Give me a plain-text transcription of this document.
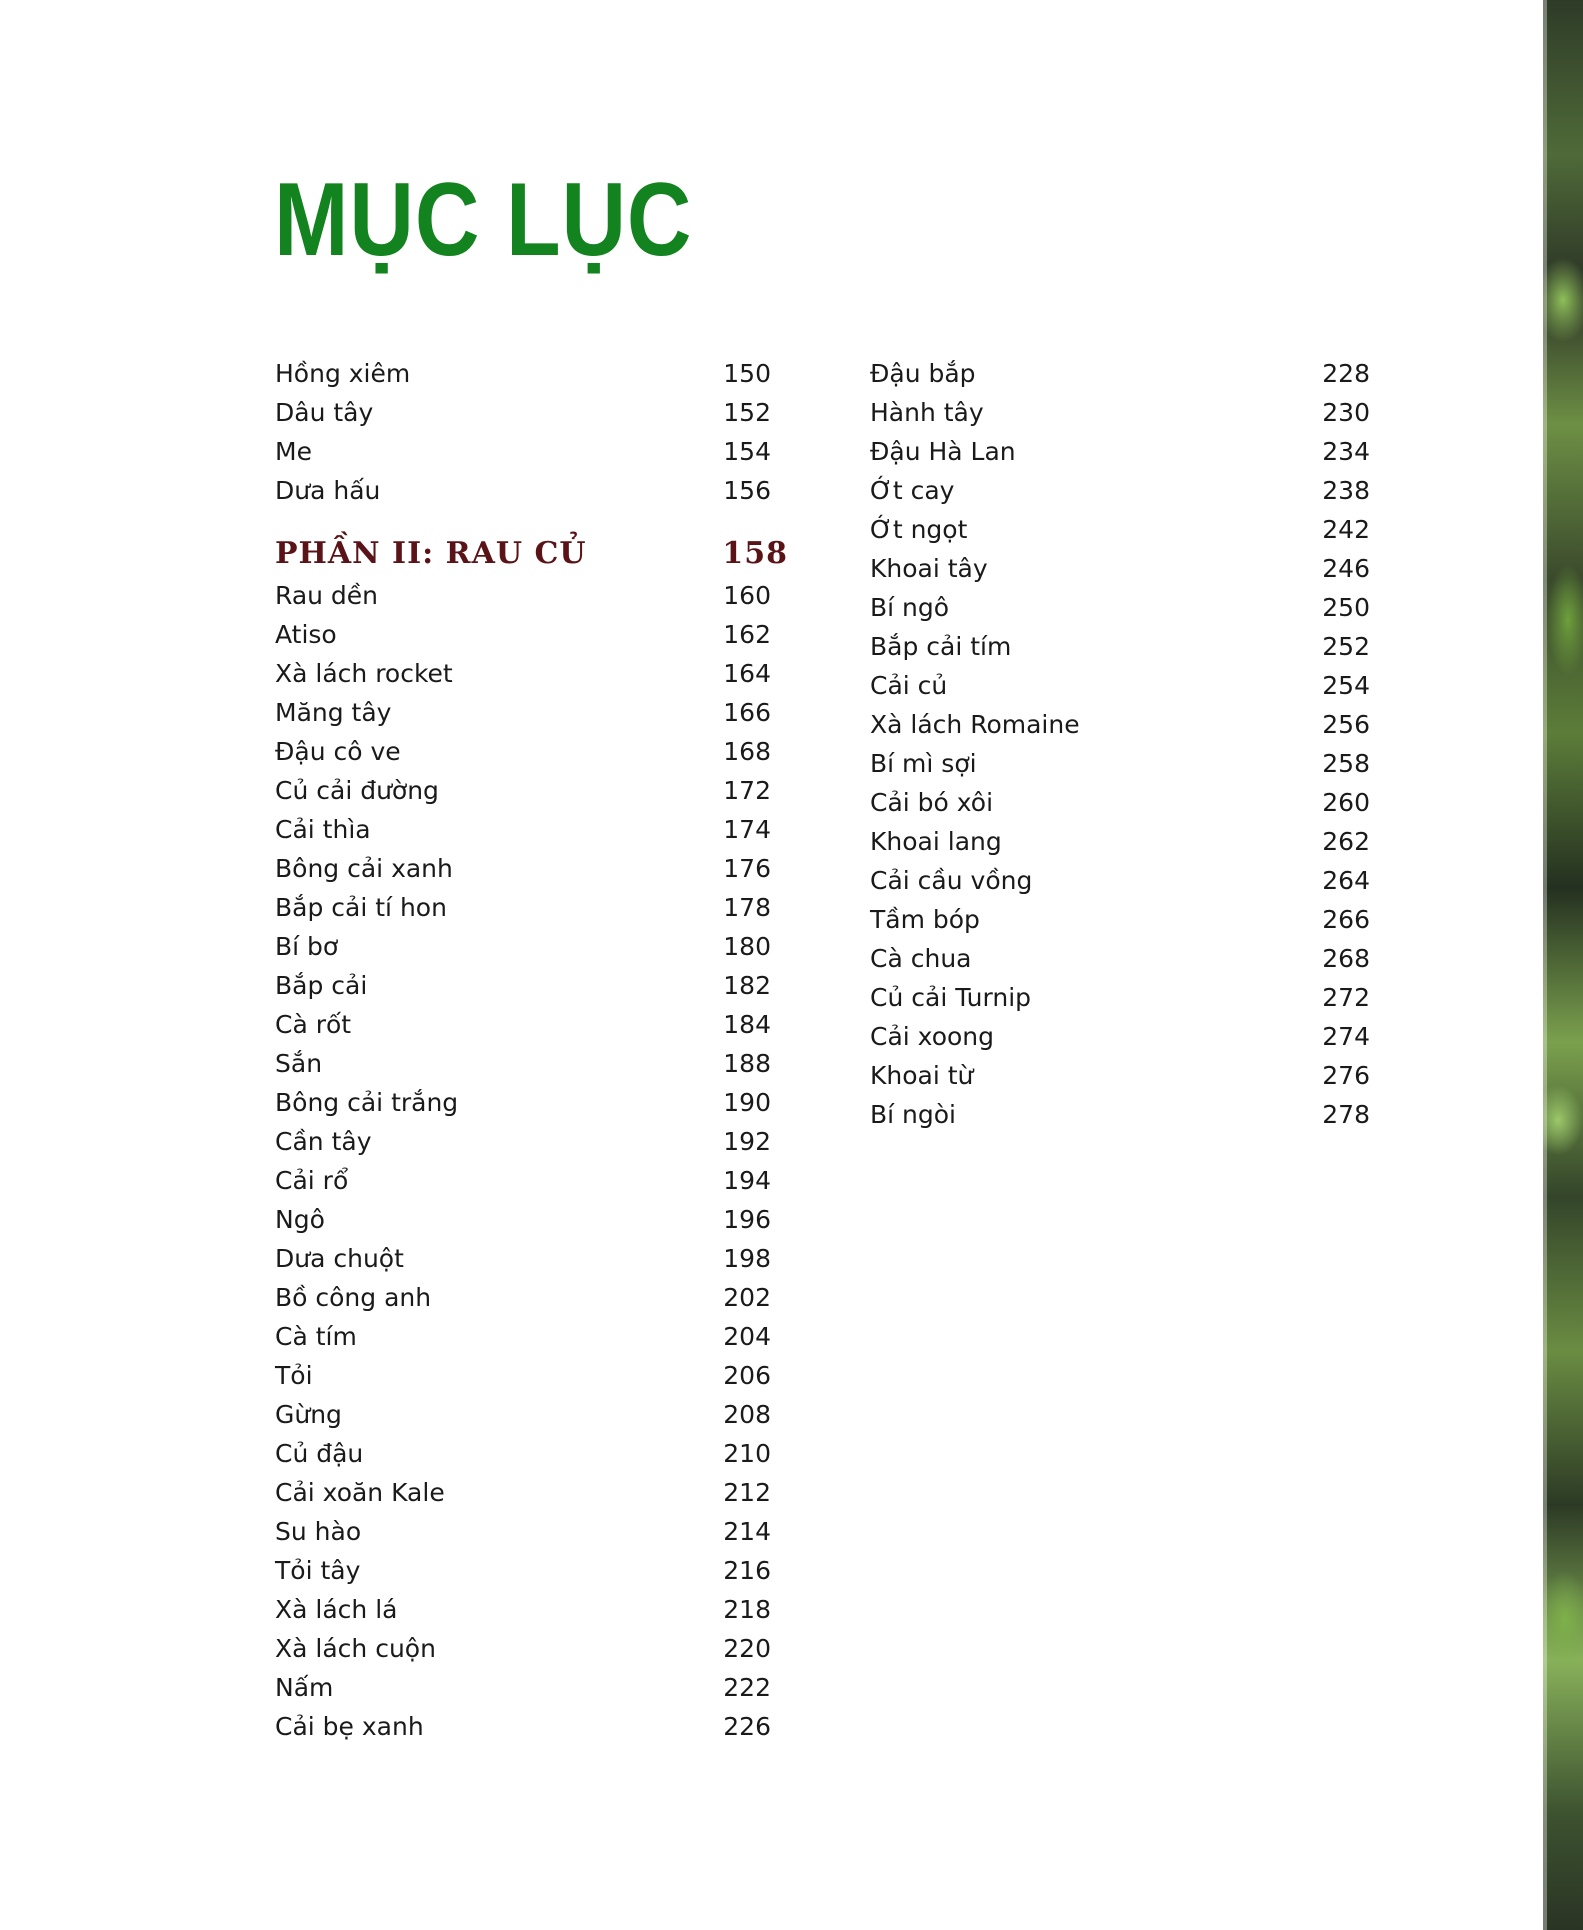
MỤC LỤC
Hồng xiêm	150
Dâu tây	152
Me	154
Dưa hấu	156
PHẦN II: RAU CỦ	158
Rau dền	160
Atiso	162
Xà lách rocket	164
Măng tây	166
Đậu cô ve	168
Củ cải đường	172
Cải thìa	174
Bông cải xanh	176
Bắp cải tí hon	178
Bí bơ	180
Bắp cải	182
Cà rốt	184
Sắn	188
Bông cải trắng	190
Cần tây	192
Cải rổ	194
Ngô	196
Dưa chuột	198
Bồ công anh	202
Cà tím	204
Tỏi	206
Gừng	208
Củ đậu	210
Cải xoăn Kale	212
Su hào	214
Tỏi tây	216
Xà lách lá	218
Xà lách cuộn	220
Nấm	222
Cải bẹ xanh	226
Đậu bắp	228
Hành tây	230
Đậu Hà Lan	234
Ớt cay	238
Ớt ngọt	242
Khoai tây	246
Bí ngô	250
Bắp cải tím	252
Cải củ	254
Xà lách Romaine	256
Bí mì sợi	258
Cải bó xôi	260
Khoai lang	262
Cải cầu vồng	264
Tầm bóp	266
Cà chua	268
Củ cải Turnip	272
Cải xoong	274
Khoai từ	276
Bí ngòi	278
